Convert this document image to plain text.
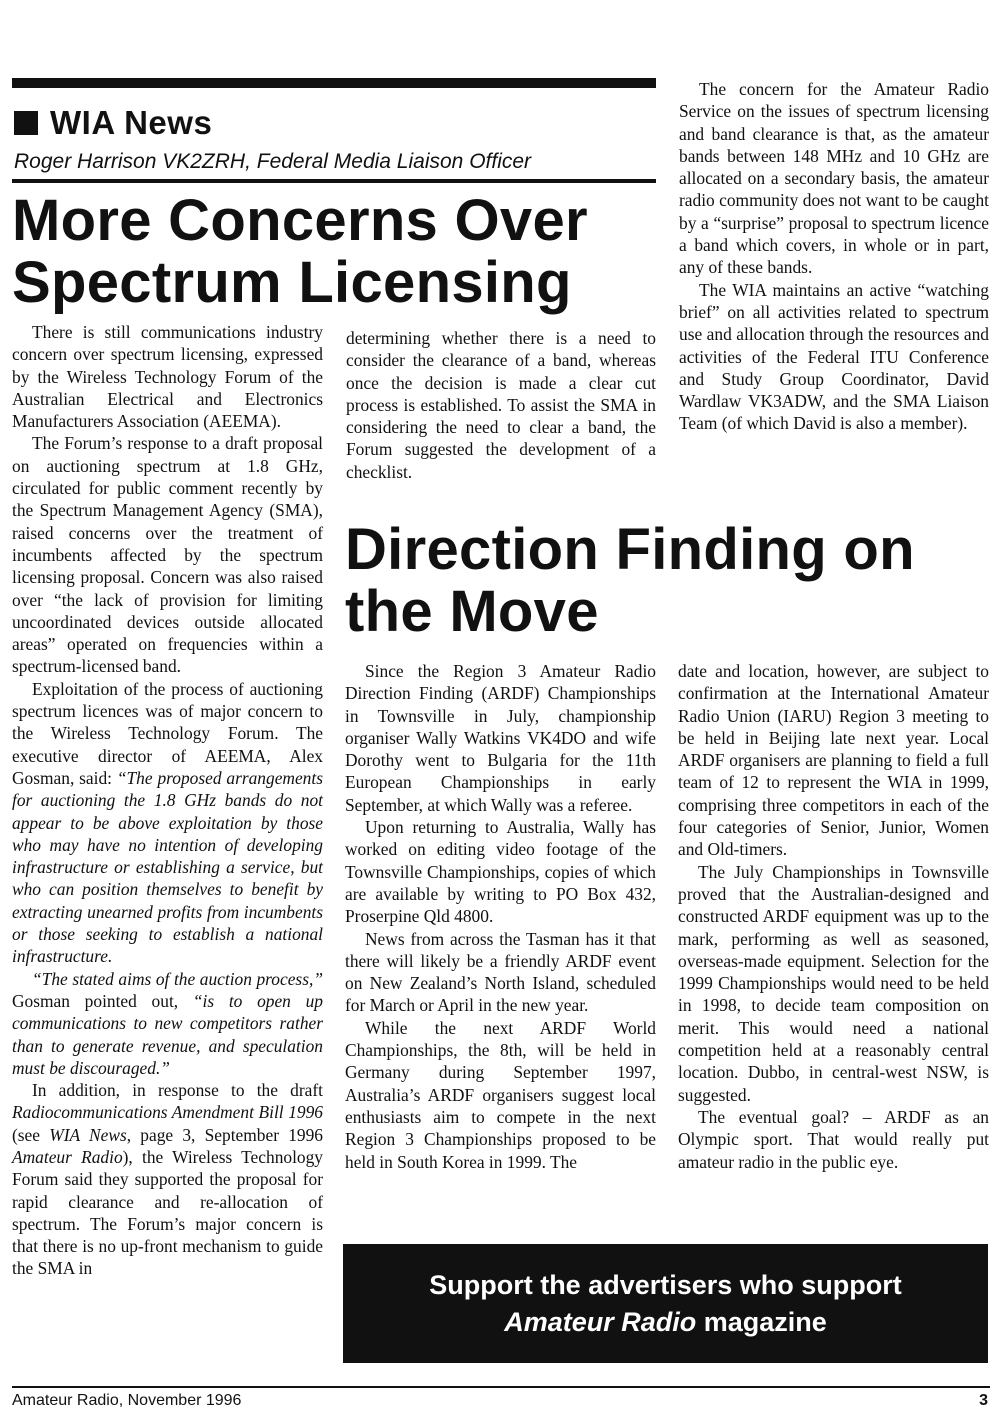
WIA News
Roger Harrison VK2ZRH, Federal Media Liaison Officer
More Concerns Over
Spectrum Licensing

There is still communications industry concern over spectrum licensing, expressed by the Wireless Technology Forum of the Australian Electrical and Electronics Manufacturers Association (AEEMA).

The Forum’s response to a draft proposal on auctioning spectrum at 1.8 GHz, circulated for public comment recently by the Spectrum Management Agency (SMA), raised concerns over the treatment of incumbents affected by the spectrum licensing proposal. Concern was also raised over “the lack of provision for limiting uncoordinated devices outside allocated areas” operated on frequencies within a spectrum-licensed band.

Exploitation of the process of auctioning spectrum licences was of major concern to the Wireless Technology Forum. The executive director of AEEMA, Alex Gosman, said: “The proposed arrangements for auctioning the 1.8 GHz bands do not appear to be above exploitation by those who may have no intention of developing infrastructure or establishing a service, but who can position themselves to benefit by extracting unearned profits from incumbents or those seeking to establish a national infrastructure.

“The stated aims of the auction process,” Gosman pointed out, “is to open up communications to new competitors rather than to generate revenue, and speculation must be discouraged.”

In addition, in response to the draft Radiocommunications Amendment Bill 1996 (see WIA News, page 3, September 1996 Amateur Radio), the Wireless Technology Forum said they supported the proposal for rapid clearance and re-allocation of spectrum. The Forum’s major concern is that there is no up-front mechanism to guide the SMA in

determining whether there is a need to consider the clearance of a band, whereas once the decision is made a clear cut process is established. To assist the SMA in considering the need to clear a band, the Forum suggested the development of a checklist.

The concern for the Amateur Radio Service on the issues of spectrum licensing and band clearance is that, as the amateur bands between 148 MHz and 10 GHz are allocated on a secondary basis, the amateur radio community does not want to be caught by a “surprise” proposal to spectrum licence a band which covers, in whole or in part, any of these bands.

The WIA maintains an active “watching brief” on all activities related to spectrum use and allocation through the resources and activities of the Federal ITU Conference and Study Group Coordinator, David Wardlaw VK3ADW, and the SMA Liaison Team (of which David is also a member).

Direction Finding on
the Move

Since the Region 3 Amateur Radio Direction Finding (ARDF) Championships in Townsville in July, championship organiser Wally Watkins VK4DO and wife Dorothy went to Bulgaria for the 11th European Championships in early September, at which Wally was a referee.

Upon returning to Australia, Wally has worked on editing video footage of the Townsville Championships, copies of which are available by writing to PO Box 432, Proserpine Qld 4800.

News from across the Tasman has it that there will likely be a friendly ARDF event on New Zealand’s North Island, scheduled for March or April in the new year.

While the next ARDF World Championships, the 8th, will be held in Germany during September 1997, Australia’s ARDF organisers suggest local enthusiasts aim to compete in the next Region 3 Championships proposed to be held in South Korea in 1999. The

date and location, however, are subject to confirmation at the International Amateur Radio Union (IARU) Region 3 meeting to be held in Beijing late next year. Local ARDF organisers are planning to field a full team of 12 to represent the WIA in 1999, comprising three competitors in each of the four categories of Senior, Junior, Women and Old-timers.

The July Championships in Townsville proved that the Australian-designed and constructed ARDF equipment was up to the mark, performing as well as seasoned, overseas-made equipment. Selection for the 1999 Championships would need to be held in 1998, to decide team composition on merit. This would need a national competition held at a reasonably central location. Dubbo, in central-west NSW, is suggested.

The eventual goal? – ARDF as an Olympic sport. That would really put amateur radio in the public eye.

Support the advertisers who support
Amateur Radio magazine
Amateur Radio, November 1996	3
